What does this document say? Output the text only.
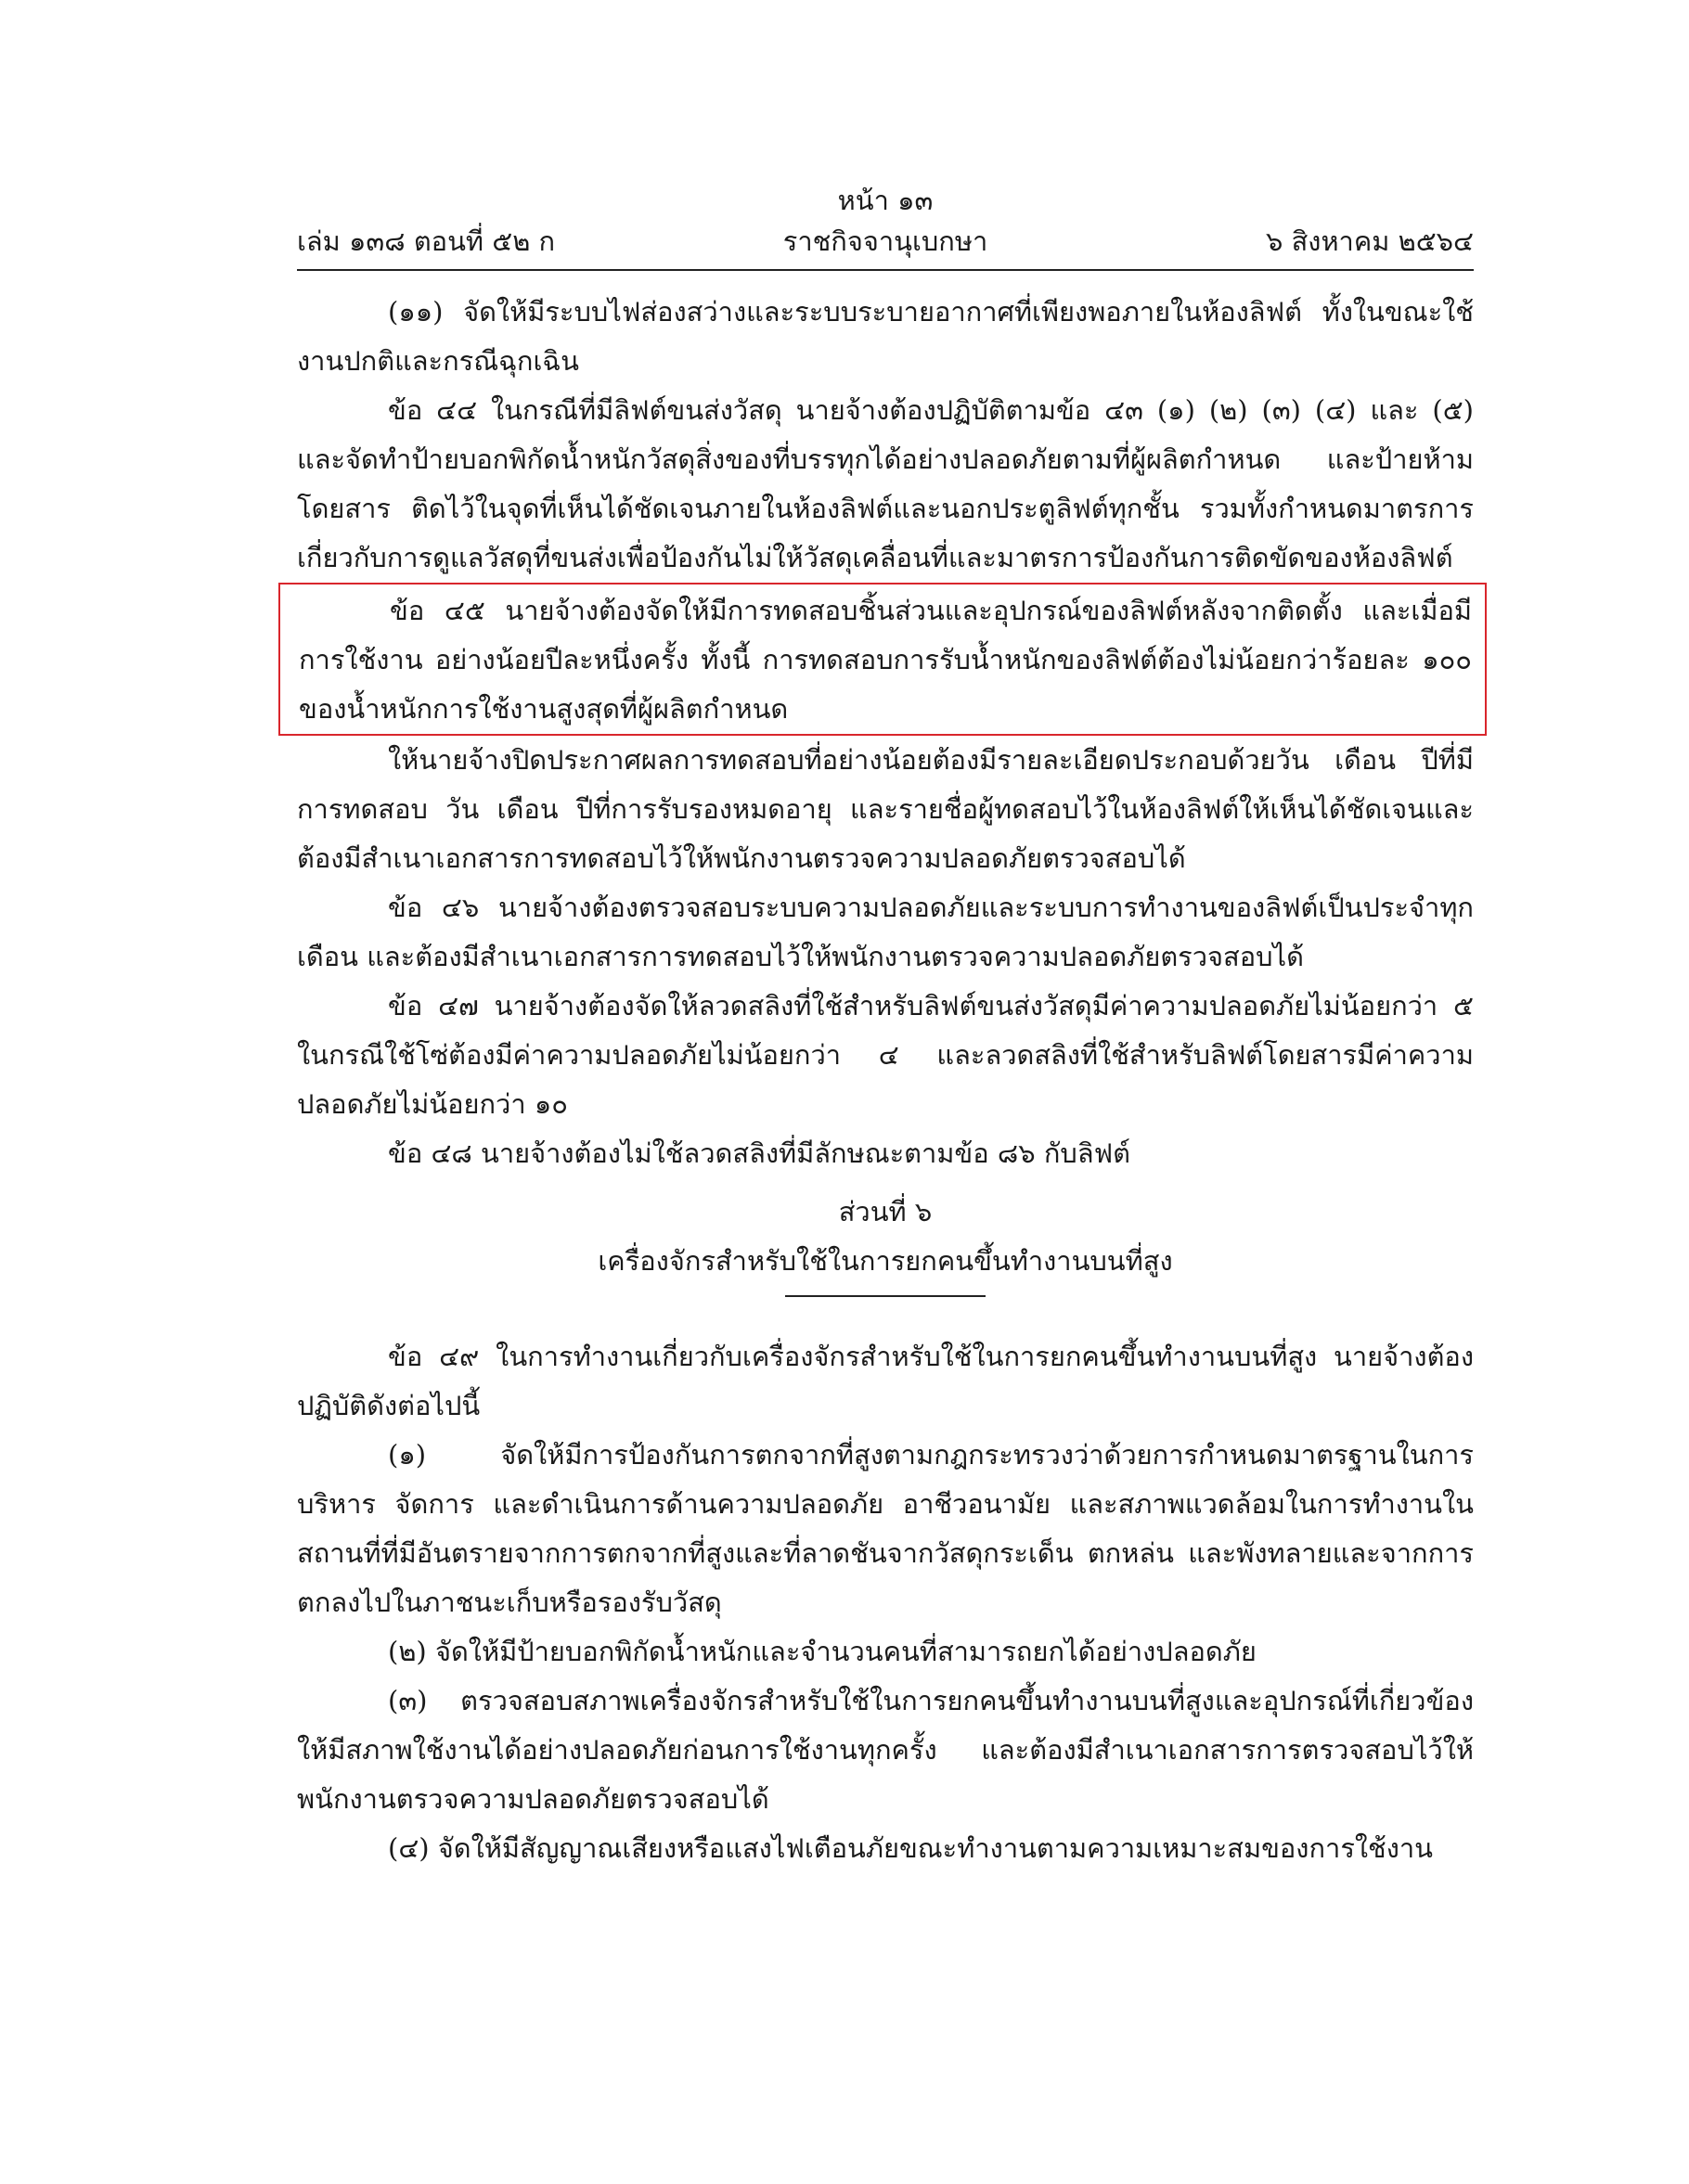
หน้า ๑๓
เล่ม ๑๓๘ ตอนที่ ๕๒ ก	ราชกิจจานุเบกษา	๖ สิงหาคม ๒๕๖๔

(๑๑) จัดให้มีระบบไฟส่องสว่างและระบบระบายอากาศที่เพียงพอภายในห้องลิฟต์ ทั้งในขณะใช้งานปกติและกรณีฉุกเฉิน

ข้อ ๔๔ ในกรณีที่มีลิฟต์ขนส่งวัสดุ นายจ้างต้องปฏิบัติตามข้อ ๔๓ (๑) (๒) (๓) (๔) และ (๕) และจัดทำป้ายบอกพิกัดน้ำหนักวัสดุสิ่งของที่บรรทุกได้อย่างปลอดภัยตามที่ผู้ผลิตกำหนด และป้ายห้ามโดยสาร ติดไว้ในจุดที่เห็นได้ชัดเจนภายในห้องลิฟต์และนอกประตูลิฟต์ทุกชั้น รวมทั้งกำหนดมาตรการเกี่ยวกับการดูแลวัสดุที่ขนส่งเพื่อป้องกันไม่ให้วัสดุเคลื่อนที่และมาตรการป้องกันการติดขัดของห้องลิฟต์

ข้อ ๔๕ นายจ้างต้องจัดให้มีการทดสอบชิ้นส่วนและอุปกรณ์ของลิฟต์หลังจากติดตั้ง และเมื่อมีการใช้งาน อย่างน้อยปีละหนึ่งครั้ง ทั้งนี้ การทดสอบการรับน้ำหนักของลิฟต์ต้องไม่น้อยกว่าร้อยละ ๑๐๐ ของน้ำหนักการใช้งานสูงสุดที่ผู้ผลิตกำหนด

ให้นายจ้างปิดประกาศผลการทดสอบที่อย่างน้อยต้องมีรายละเอียดประกอบด้วยวัน เดือน ปีที่มีการทดสอบ วัน เดือน ปีที่การรับรองหมดอายุ และรายชื่อผู้ทดสอบไว้ในห้องลิฟต์ให้เห็นได้ชัดเจนและต้องมีสำเนาเอกสารการทดสอบไว้ให้พนักงานตรวจความปลอดภัยตรวจสอบได้

ข้อ ๔๖ นายจ้างต้องตรวจสอบระบบความปลอดภัยและระบบการทำงานของลิฟต์เป็นประจำทุกเดือน และต้องมีสำเนาเอกสารการทดสอบไว้ให้พนักงานตรวจความปลอดภัยตรวจสอบได้

ข้อ ๔๗ นายจ้างต้องจัดให้ลวดสลิงที่ใช้สำหรับลิฟต์ขนส่งวัสดุมีค่าความปลอดภัยไม่น้อยกว่า ๕ ในกรณีใช้โซ่ต้องมีค่าความปลอดภัยไม่น้อยกว่า ๔ และลวดสลิงที่ใช้สำหรับลิฟต์โดยสารมีค่าความปลอดภัยไม่น้อยกว่า ๑๐

ข้อ ๔๘ นายจ้างต้องไม่ใช้ลวดสลิงที่มีลักษณะตามข้อ ๘๖ กับลิฟต์

ส่วนที่ ๖
เครื่องจักรสำหรับใช้ในการยกคนขึ้นทำงานบนที่สูง

ข้อ ๔๙ ในการทำงานเกี่ยวกับเครื่องจักรสำหรับใช้ในการยกคนขึ้นทำงานบนที่สูง นายจ้างต้องปฏิบัติดังต่อไปนี้

(๑) จัดให้มีการป้องกันการตกจากที่สูงตามกฎกระทรวงว่าด้วยการกำหนดมาตรฐานในการบริหาร จัดการ และดำเนินการด้านความปลอดภัย อาชีวอนามัย และสภาพแวดล้อมในการทำงานในสถานที่ที่มีอันตรายจากการตกจากที่สูงและที่ลาดชันจากวัสดุกระเด็น ตกหล่น และพังทลายและจากการตกลงไปในภาชนะเก็บหรือรองรับวัสดุ

(๒) จัดให้มีป้ายบอกพิกัดน้ำหนักและจำนวนคนที่สามารถยกได้อย่างปลอดภัย

(๓) ตรวจสอบสภาพเครื่องจักรสำหรับใช้ในการยกคนขึ้นทำงานบนที่สูงและอุปกรณ์ที่เกี่ยวข้องให้มีสภาพใช้งานได้อย่างปลอดภัยก่อนการใช้งานทุกครั้ง และต้องมีสำเนาเอกสารการตรวจสอบไว้ให้พนักงานตรวจความปลอดภัยตรวจสอบได้

(๔) จัดให้มีสัญญาณเสียงหรือแสงไฟเตือนภัยขณะทำงานตามความเหมาะสมของการใช้งาน
